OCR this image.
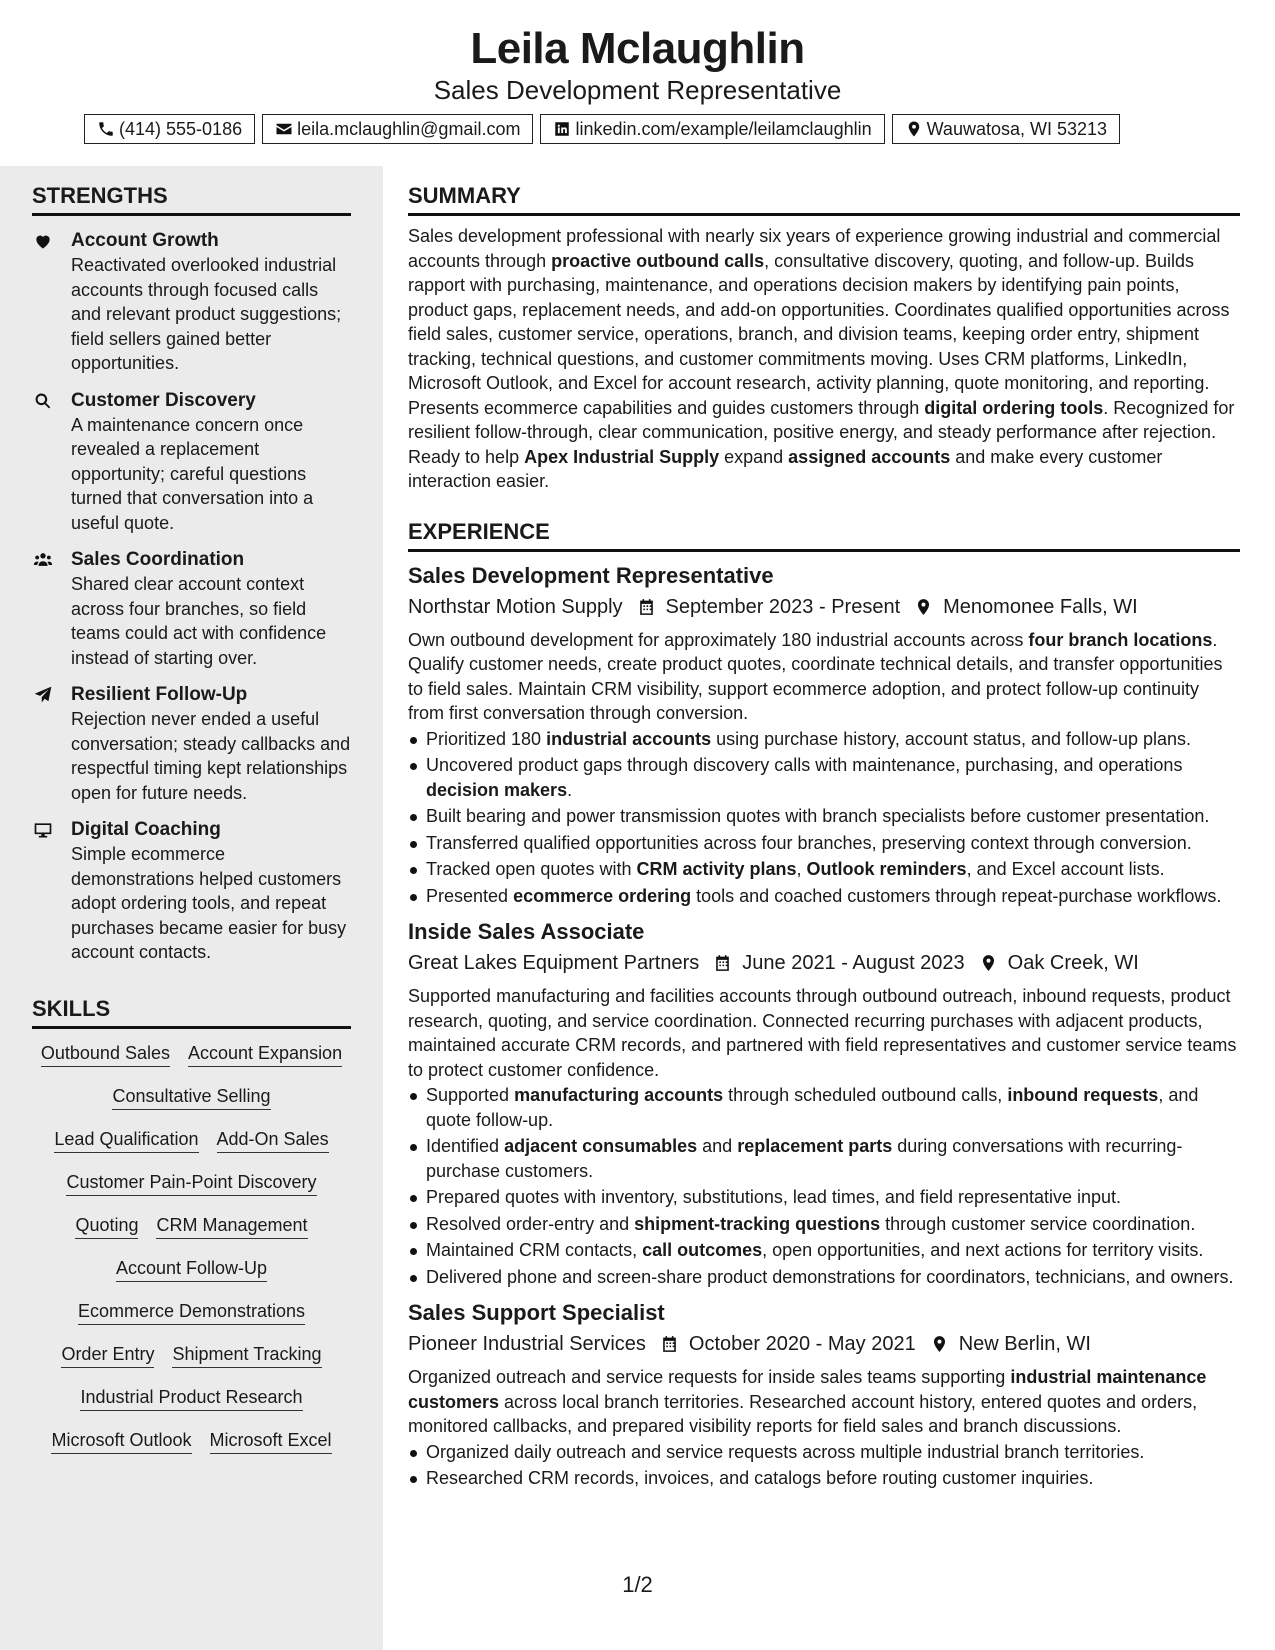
Leila Mclaughlin
Sales Development Representative
(414) 555-0186	leila.mclaughlin@gmail.com	linkedin.com/example/leilamclaughlin	Wauwatosa, WI 53213
STRENGTHS
Account Growth

Reactivated overlooked industrial accounts through focused calls and relevant product suggestions; field sellers gained better opportunities.

Customer Discovery

A maintenance concern once revealed a replacement opportunity; careful questions turned that conversation into a useful quote.

Sales Coordination

Shared clear account context across four branches, so field teams could act with confidence instead of starting over.

Resilient Follow-Up

Rejection never ended a useful conversation; steady callbacks and respectful timing kept relationships open for future needs.

Digital Coaching

Simple ecommerce demonstrations helped customers adopt ordering tools, and repeat purchases became easier for busy account contacts.

SKILLS
Outbound Sales Account Expansion
Consultative Selling
Lead Qualification Add-On Sales
Customer Pain-Point Discovery
Quoting CRM Management
Account Follow-Up
Ecommerce Demonstrations
Order Entry Shipment Tracking
Industrial Product Research
Microsoft Outlook Microsoft Excel
SUMMARY

Sales development professional with nearly six years of experience growing industrial and commercial accounts through proactive outbound calls, consultative discovery, quoting, and follow-up. Builds rapport with purchasing, maintenance, and operations decision makers by identifying pain points, product gaps, replacement needs, and add-on opportunities. Coordinates qualified opportunities across field sales, customer service, operations, branch, and division teams, keeping order entry, shipment tracking, technical questions, and customer commitments moving. Uses CRM platforms, LinkedIn, Microsoft Outlook, and Excel for account research, activity planning, quote monitoring, and reporting. Presents ecommerce capabilities and guides customers through digital ordering tools. Recognized for resilient follow-through, clear communication, positive energy, and steady performance after rejection. Ready to help Apex Industrial Supply expand assigned accounts and make every customer interaction easier.

EXPERIENCE
Sales Development Representative
Northstar Motion Supply September 2023 - Present Menomonee Falls, WI

Own outbound development for approximately 180 industrial accounts across four branch locations. Qualify customer needs, create product quotes, coordinate technical details, and transfer opportunities to field sales. Maintain CRM visibility, support ecommerce adoption, and protect follow-up continuity from first conversation through conversion.

Prioritized 180 industrial accounts using purchase history, account status, and follow-up plans.
Uncovered product gaps through discovery calls with maintenance, purchasing, and operations decision makers.
Built bearing and power transmission quotes with branch specialists before customer presentation.
Transferred qualified opportunities across four branches, preserving context through conversion.
Tracked open quotes with CRM activity plans, Outlook reminders, and Excel account lists.
Presented ecommerce ordering tools and coached customers through repeat-purchase workflows.
Inside Sales Associate
Great Lakes Equipment Partners June 2021 - August 2023 Oak Creek, WI

Supported manufacturing and facilities accounts through outbound outreach, inbound requests, product research, quoting, and service coordination. Connected recurring purchases with adjacent products, maintained accurate CRM records, and partnered with field representatives and customer service teams to protect customer confidence.

Supported manufacturing accounts through scheduled outbound calls, inbound requests, and quote follow-up.
Identified adjacent consumables and replacement parts during conversations with recurring-purchase customers.
Prepared quotes with inventory, substitutions, lead times, and field representative input.
Resolved order-entry and shipment-tracking questions through customer service coordination.
Maintained CRM contacts, call outcomes, open opportunities, and next actions for territory visits.
Delivered phone and screen-share product demonstrations for coordinators, technicians, and owners.
Sales Support Specialist
Pioneer Industrial Services October 2020 - May 2021 New Berlin, WI

Organized outreach and service requests for inside sales teams supporting industrial maintenance customers across local branch territories. Researched account history, entered quotes and orders, monitored callbacks, and prepared visibility reports for field sales and branch discussions.

Organized daily outreach and service requests across multiple industrial branch territories.
Researched CRM records, invoices, and catalogs before routing customer inquiries.
1/2
